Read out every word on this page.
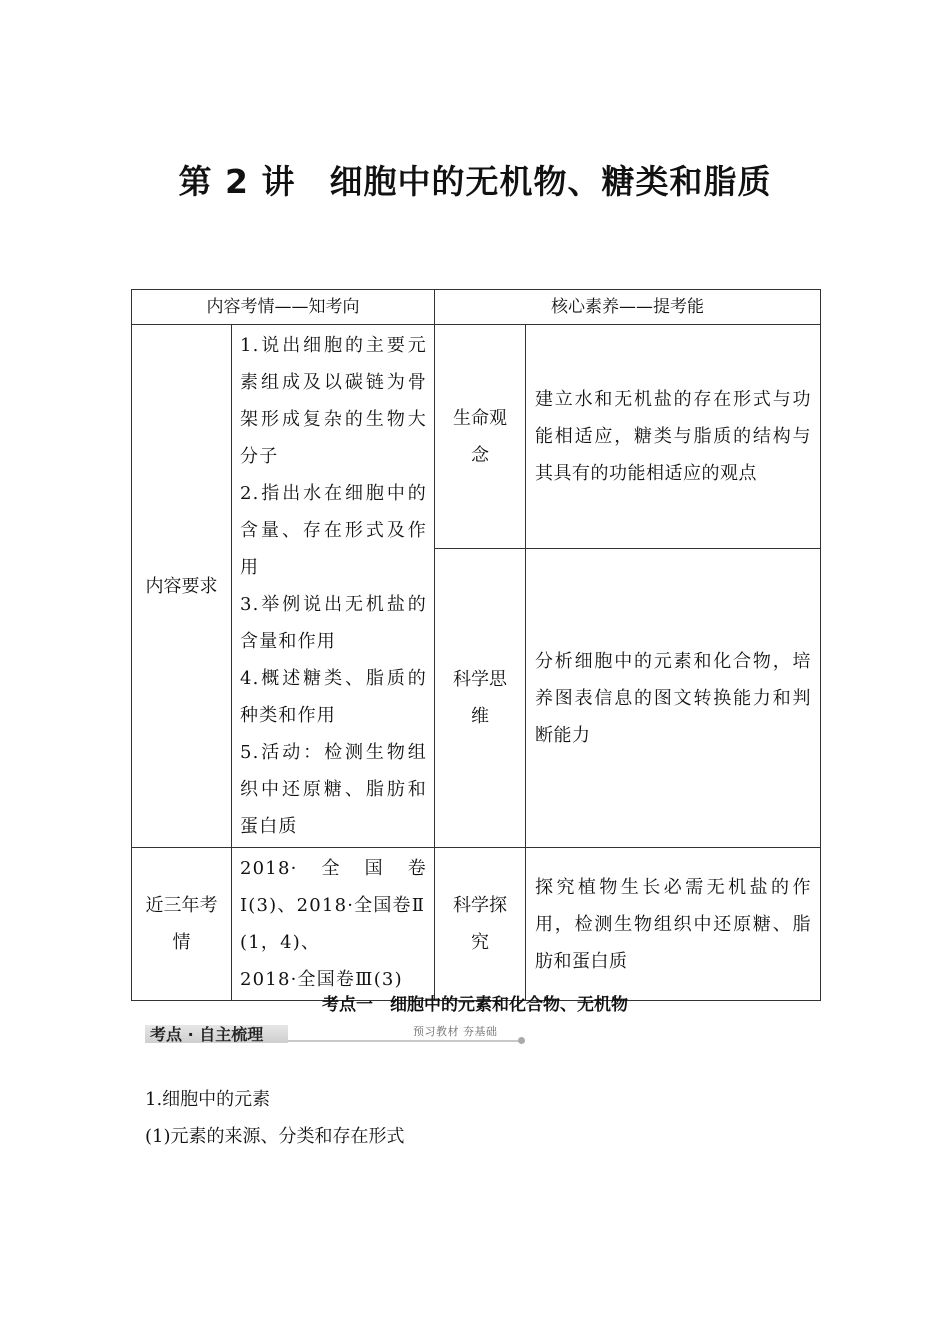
第 2 讲　细胞中的无机物、糖类和脂质
内容考情——知考向		核心素养——提考能	
内容要求	1.说出细胞的主要元素组成及以碳链为骨架形成复杂的生物大分子
2.指出水在细胞中的含量、存在形式及作用
3.举例说出无机盐的含量和作用
4.概述糖类、脂质的种类和作用
5.活动：检测生物组织中还原糖、脂肪和蛋白质	生命观念	建立水和无机盐的存在形式与功能相适应，糖类与脂质的结构与其具有的功能相适应的观点
		科学思维	分析细胞中的元素和化合物，培养图表信息的图文转换能力和判断能力
近三年考情	2018·　全　国　卷
Ⅰ(3)、2018·全国卷Ⅱ
(1，4)、
2018·全国卷Ⅲ(3)	科学探究	探究植物生长必需无机盐的作用，检测生物组织中还原糖、脂肪和蛋白质
考点一　细胞中的元素和化合物、无机物
考点 · 自主梳理	预习教材 夯基础
1.细胞中的元素
(1)元素的来源、分类和存在形式
